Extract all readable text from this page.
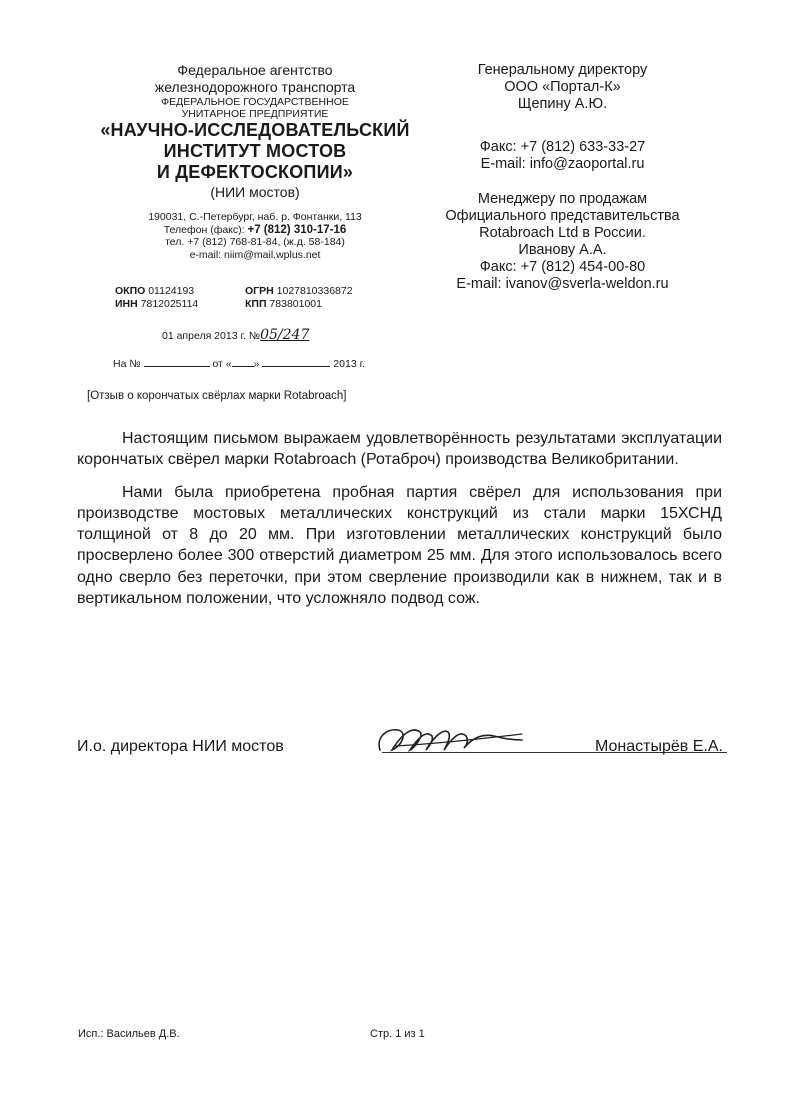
Федеральное агентство
железнодорожного транспорта
ФЕДЕРАЛЬНОЕ ГОСУДАРСТВЕННОЕ
УНИТАРНОЕ ПРЕДПРИЯТИЕ
«НАУЧНО-ИССЛЕДОВАТЕЛЬСКИЙ
ИНСТИТУТ МОСТОВ
И ДЕФЕКТОСКОПИИ»
(НИИ мостов)
190031, С.-Петербург, наб. р. Фонтанки, 113
Телефон (факс): +7 (812) 310-17-16
тел. +7 (812) 768-81-84, (ж.д. 58-184)
e-mail: niim@mail.wplus.net
ОКПО 01124193	ОГРН 1027810336872
ИНН 7812025114	КПП 783801001
01 апреля 2013 г. №05/247
На №	от « »	2013 г.
[Отзыв о корончатых свёрлах марки Rotabroach]
Генеральному директору
ООО «Портал-К»
Щепину А.Ю.
Факс: +7 (812) 633-33-27
E-mail: info@zaoportal.ru
Менеджеру по продажам
Официального представительства
Rotabroach Ltd в России.
Иванову А.А.
Факс: +7 (812) 454-00-80
E-mail: ivanov@sverla-weldon.ru

Настоящим письмом выражаем удовлетворённость результатами эксплуатации корончатых свёрел марки Rotabroach (Ротаброч) производства Великобритании.

Нами была приобретена пробная партия свёрел для использования при производстве мостовых металлических конструкций из стали марки 15ХСНД толщиной от 8 до 20 мм. При изготовлении металлических конструкций было просверлено более 300 отверстий диаметром 25 мм. Для этого использовалось всего одно сверло без переточки, при этом сверление производили как в нижнем, так и в вертикальном положении, что усложняло подвод сож.

И.о. директора НИИ мостов	Монастырёв Е.А.
Исп.: Васильев Д.В.	Стр. 1 из 1
